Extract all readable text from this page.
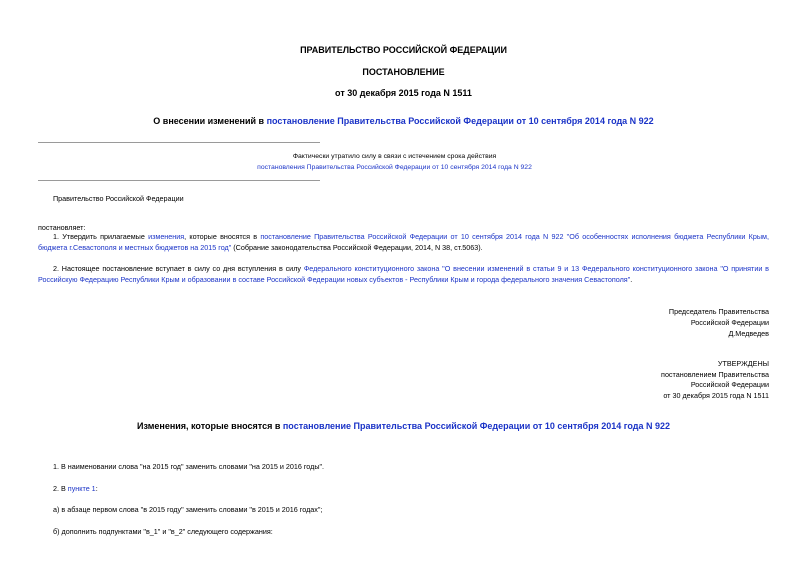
ПРАВИТЕЛЬСТВО РОССИЙСКОЙ ФЕДЕРАЦИИ
ПОСТАНОВЛЕНИЕ
от 30 декабря 2015 года N 1511
О внесении изменений в постановление Правительства Российской Федерации от 10 сентября 2014 года N 922
Фактически утратило силу в связи с истечением срока действия
постановления Правительства Российской Федерации от 10 сентября 2014 года N 922
Правительство Российской Федерации
постановляет:
1. Утвердить прилагаемые изменения, которые вносятся в постановление Правительства Российской Федерации от 10 сентября 2014 года N 922 "Об особенностях исполнения бюджета Республики Крым, бюджета г.Севастополя и местных бюджетов на 2015 год" (Собрание законодательства Российской Федерации, 2014, N 38, ст.5063).
2. Настоящее постановление вступает в силу со дня вступления в силу Федерального конституционного закона "О внесении изменений в статьи 9 и 13 Федерального конституционного закона "О принятии в Российскую Федерацию Республики Крым и образовании в составе Российской Федерации новых субъектов - Республики Крым и города федерального значения Севастополя".
Председатель Правительства
Российской Федерации
Д.Медведев
УТВЕРЖДЕНЫ
постановлением Правительства
Российской Федерации
от 30 декабря 2015 года N 1511
Изменения, которые вносятся в постановление Правительства Российской Федерации от 10 сентября 2014 года N 922
1. В наименовании слова "на 2015 год" заменить словами "на 2015 и 2016 годы".
2. В пункте 1:
а) в абзаце первом слова "в 2015 году" заменить словами "в 2015 и 2016 годах";
б) дополнить подпунктами "в_1" и "в_2" следующего содержания:
